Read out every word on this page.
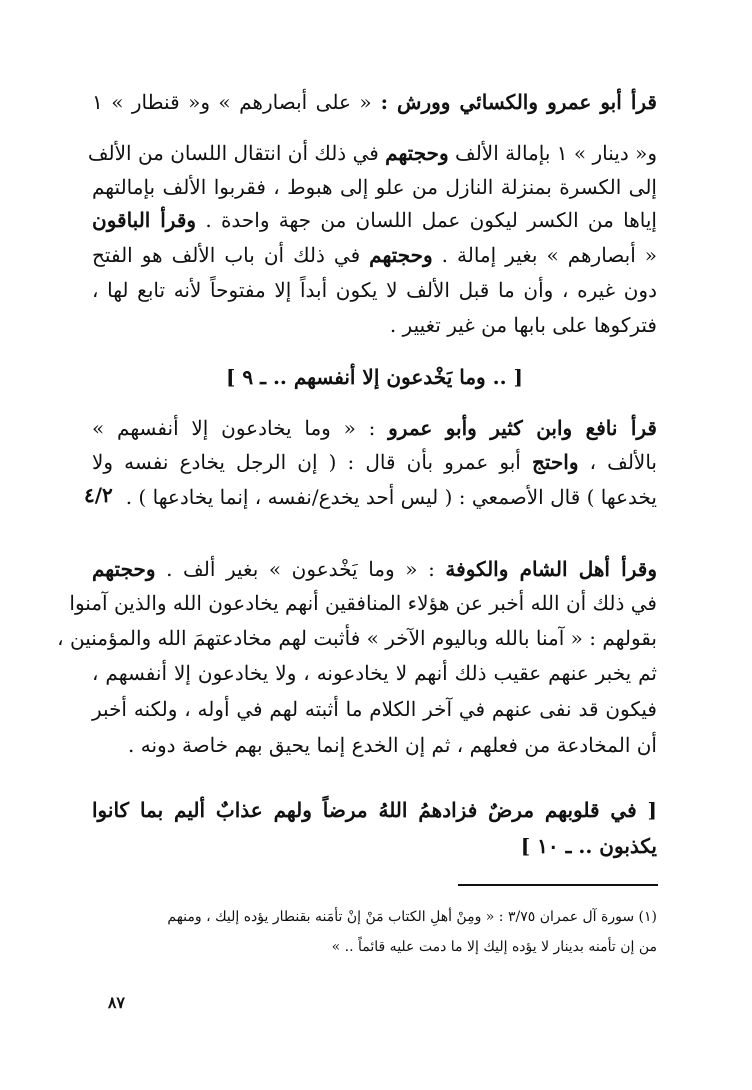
قرأ أبو عمرو والكسائي وورش : « على أبصارهم » و« قنطار » ١
و« دينار » ١ بإمالة الألف وحجتهم في ذلك أن انتقال اللسان من الألف
إلى الكسرة بمنزلة النازل من علو إلى هبوط ، فقربوا الألف بإمالتهم
إياها من الكسر ليكون عمل اللسان من جهة واحدة . وقرأ الباقون
« أبصارهم » بغير إمالة . وحجتهم في ذلك أن باب الألف هو الفتح
دون غيره ، وأن ما قبل الألف لا يكون أبداً إلا مفتوحاً لأنه تابع لها ،
فتركوها على بابها من غير تغيير .
[ .. وما يَخْدعون إلا أنفسهم .. ـ ٩ ]
قرأ نافع وابن كثير وأبو عمرو : « وما يخادعون إلا أنفسهم »
بالألف ، واحتج أبو عمرو بأن قال : ( إن الرجل يخادع نفسه ولا
يخدعها ) قال الأصمعي : ( ليس أحد يخدع/نفسه ، إنما يخادعها ) .
٤/٢
وقرأ أهل الشام والكوفة : « وما يَخْدعون » بغير ألف . وحجتهم
في ذلك أن الله أخبر عن هؤلاء المنافقين أنهم يخادعون الله والذين آمنوا
بقولهم : « آمنا بالله وباليوم الآخر » فأثبت لهم مخادعتهمَ الله والمؤمنين ،
ثم يخبر عنهم عقيب ذلك أنهم لا يخادعونه ، ولا يخادعون إلا أنفسهم ،
فيكون قد نفى عنهم في آخر الكلام ما أثبته لهم في أوله ، ولكنه أخبر
أن المخادعة من فعلهم ، ثم إن الخدع إنما يحيق بهم خاصة دونه .
[ في قلوبهم مرضٌ فزادهمُ اللهُ مرضاً ولهم عذابٌ أليم بما كانوا
يكذبون .. ـ ١٠ ]
(١) سورة آل عمران ٣/٧٥ : « ومِنْ أهلِ الكتاب مَنْ إنْ تأمَنه بقنطار يؤده إليك ، ومنهم
من إن تأمنه بدينار لا يؤده إليك إلا ما دمت عليه قائماً .. »
٨٧
